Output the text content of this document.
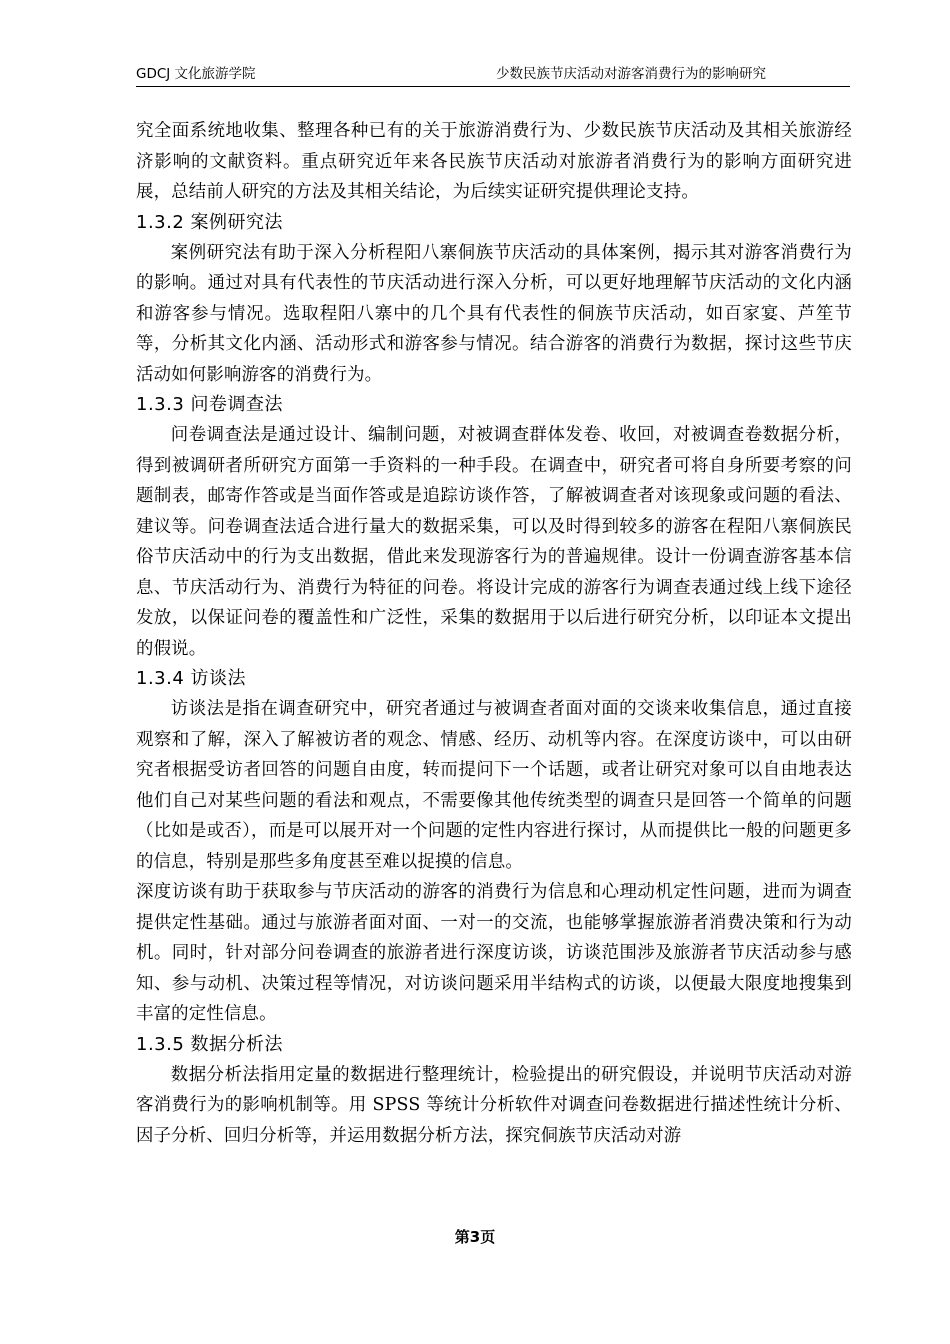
GDCJ 文化旅游学院	少数民族节庆活动对游客消费行为的影响研究

究全面系统地收集、整理各种已有的关于旅游消费行为、少数民族节庆活动及其相关旅游经济影响的文献资料。重点研究近年来各民族节庆活动对旅游者消费行为的影响方面研究进展，总结前人研究的方法及其相关结论，为后续实证研究提供理论支持。

1.3.2 案例研究法

案例研究法有助于深入分析程阳八寨侗族节庆活动的具体案例，揭示其对游客消费行为的影响。通过对具有代表性的节庆活动进行深入分析，可以更好地理解节庆活动的文化内涵和游客参与情况。选取程阳八寨中的几个具有代表性的侗族节庆活动，如百家宴、芦笙节等，分析其文化内涵、活动形式和游客参与情况。结合游客的消费行为数据，探讨这些节庆活动如何影响游客的消费行为。

1.3.3 问卷调查法

问卷调查法是通过设计、编制问题，对被调查群体发卷、收回，对被调查卷数据分析，得到被调研者所研究方面第一手资料的一种手段。在调查中，研究者可将自身所要考察的问题制表，邮寄作答或是当面作答或是追踪访谈作答，了解被调查者对该现象或问题的看法、建议等。问卷调查法适合进行量大的数据采集，可以及时得到较多的游客在程阳八寨侗族民俗节庆活动中的行为支出数据，借此来发现游客行为的普遍规律。设计一份调查游客基本信息、节庆活动行为、消费行为特征的问卷。将设计完成的游客行为调查表通过线上线下途径发放，以保证问卷的覆盖性和广泛性，采集的数据用于以后进行研究分析，以印证本文提出的假说。

1.3.4 访谈法

访谈法是指在调查研究中，研究者通过与被调查者面对面的交谈来收集信息，通过直接观察和了解，深入了解被访者的观念、情感、经历、动机等内容。在深度访谈中，可以由研究者根据受访者回答的问题自由度，转而提问下一个话题，或者让研究对象可以自由地表达他们自己对某些问题的看法和观点，不需要像其他传统类型的调查只是回答一个简单的问题（比如是或否），而是可以展开对一个问题的定性内容进行探讨，从而提供比一般的问题更多的信息，特别是那些多角度甚至难以捉摸的信息。

深度访谈有助于获取参与节庆活动的游客的消费行为信息和心理动机定性问题，进而为调查提供定性基础。通过与旅游者面对面、一对一的交流，也能够掌握旅游者消费决策和行为动机。同时，针对部分问卷调查的旅游者进行深度访谈，访谈范围涉及旅游者节庆活动参与感知、参与动机、决策过程等情况，对访谈问题采用半结构式的访谈，以便最大限度地搜集到丰富的定性信息。

1.3.5 数据分析法

数据分析法指用定量的数据进行整理统计，检验提出的研究假设，并说明节庆活动对游客消费行为的影响机制等。用 SPSS 等统计分析软件对调查问卷数据进行描述性统计分析、因子分析、回归分析等，并运用数据分析方法，探究侗族节庆活动对游

第3页
